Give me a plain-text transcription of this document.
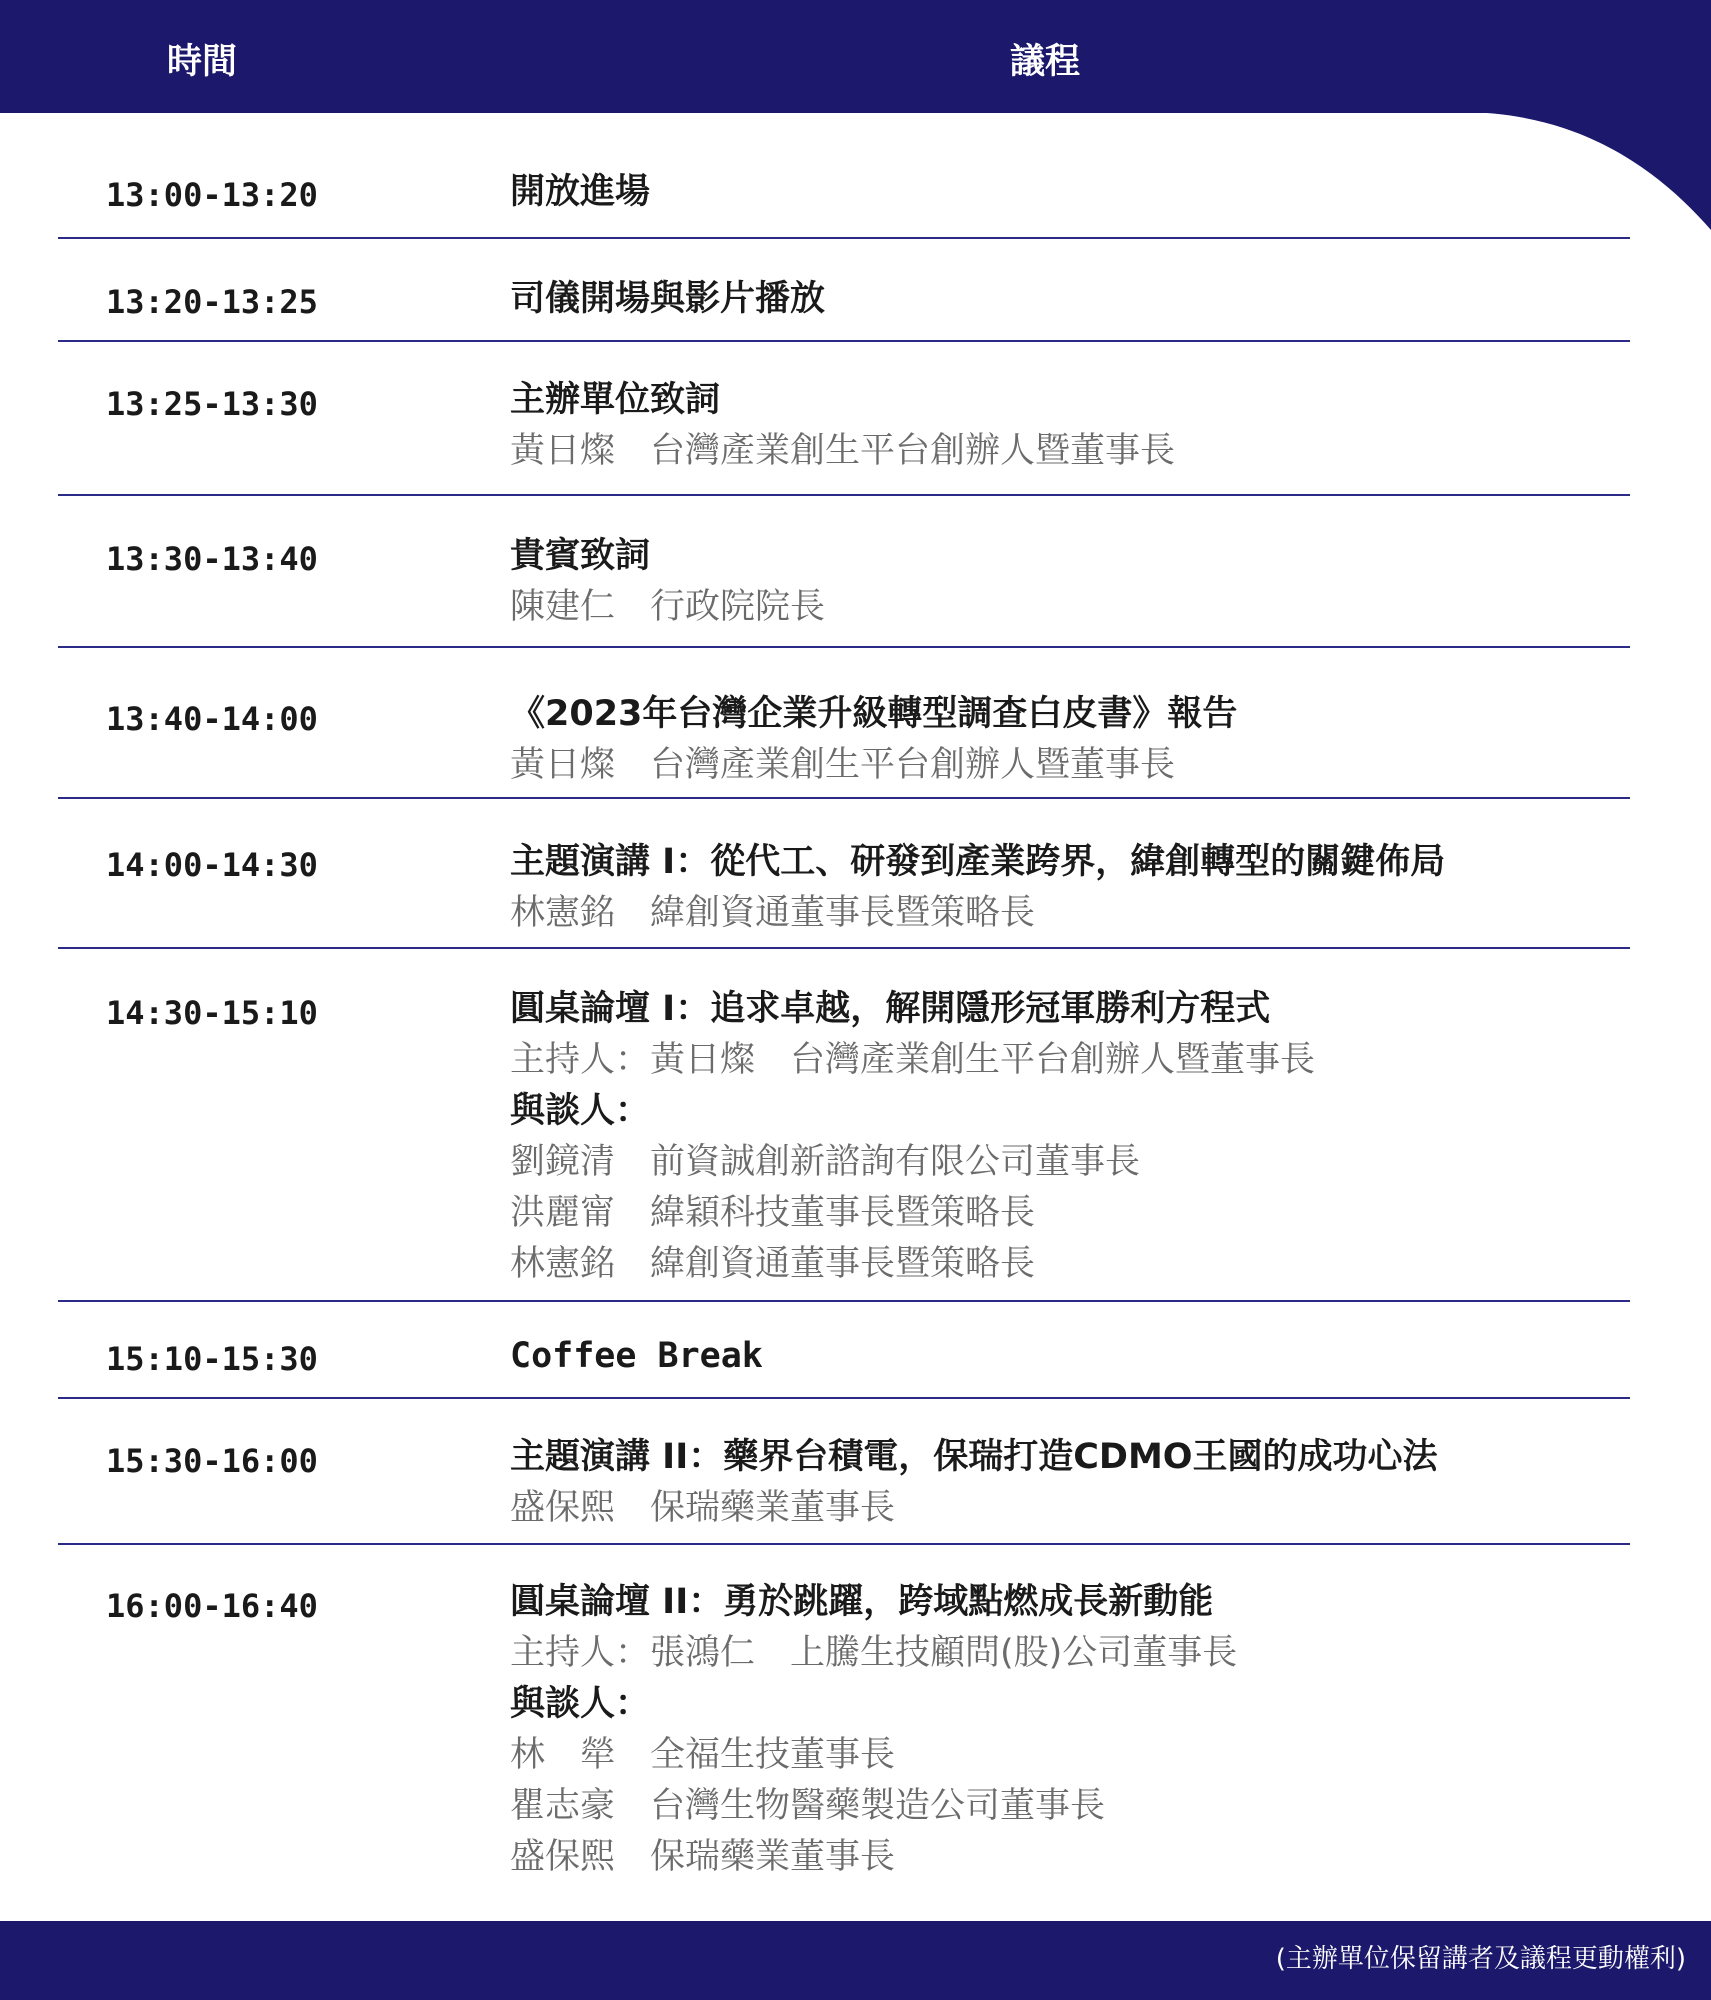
時間	議程
13:00-13:20	開放進場
13:20-13:25	司儀開場與影片播放
13:25-13:30	主辦單位致詞
黃日燦　台灣產業創生平台創辦人暨董事長
13:30-13:40	貴賓致詞
陳建仁　行政院院長
13:40-14:00	《2023年台灣企業升級轉型調查白皮書》報告
黃日燦　台灣產業創生平台創辦人暨董事長
14:00-14:30	主題演講 I：從代工、研發到產業跨界，緯創轉型的關鍵佈局
林憲銘　緯創資通董事長暨策略長
14:30-15:10	圓桌論壇 I：追求卓越，解開隱形冠軍勝利方程式
主持人：黃日燦　台灣產業創生平台創辦人暨董事長
與談人：
劉鏡清　前資誠創新諮詢有限公司董事長
洪麗甯　緯穎科技董事長暨策略長
林憲銘　緯創資通董事長暨策略長
15:10-15:30	Coffee Break
15:30-16:00	主題演講 II：藥界台積電，保瑞打造CDMO王國的成功心法
盛保熙　保瑞藥業董事長
16:00-16:40	圓桌論壇 II：勇於跳躍，跨域點燃成長新動能
主持人：張鴻仁　上騰生技顧問(股)公司董事長
與談人：
林　犖　全福生技董事長
瞿志豪　台灣生物醫藥製造公司董事長
盛保熙　保瑞藥業董事長
(主辦單位保留講者及議程更動權利)
